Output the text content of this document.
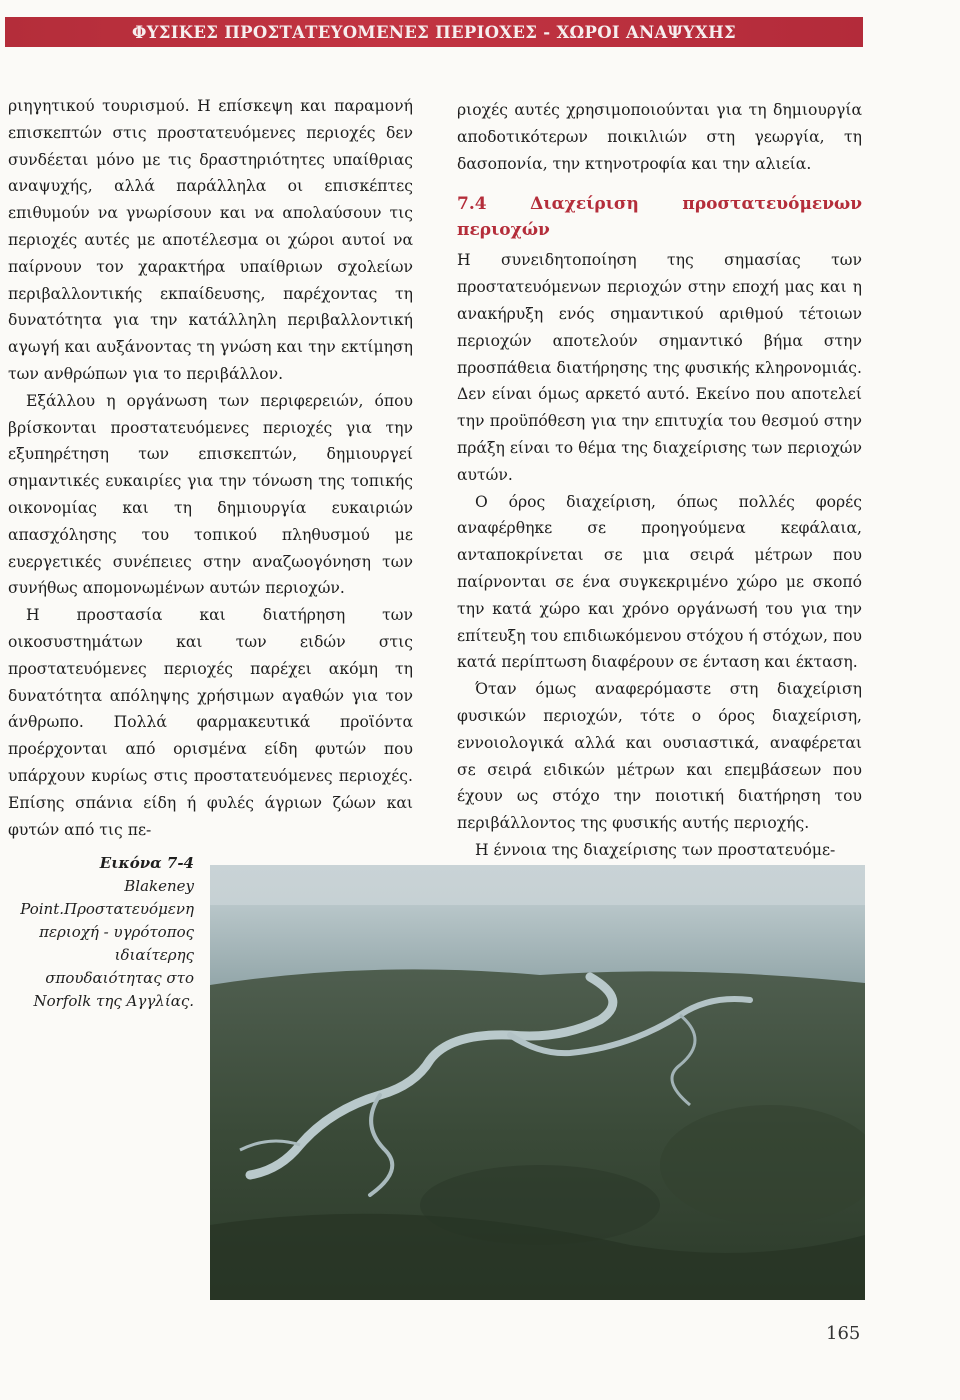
ΦΥΣΙΚΕΣ ΠΡΟΣΤΑΤΕΥΟΜΕΝΕΣ ΠΕΡΙΟΧΕΣ - ΧΩΡΟΙ ΑΝΑΨΥΧΗΣ

ριηγητικού τουρισμού. Η επίσκεψη και παραμονή επισκεπτών στις προστατευόμενες περιοχές δεν συνδέεται μόνο με τις δραστηριότητες υπαίθριας αναψυχής, αλλά παράλληλα οι επισκέπτες επιθυμούν να γνωρίσουν και να απολαύσουν τις περιοχές αυτές με αποτέλεσμα οι χώροι αυτοί να παίρνουν τον χαρακτήρα υπαίθριων σχολείων περιβαλλοντικής εκπαίδευσης, παρέχοντας τη δυνατότητα για την κατάλληλη περιβαλλοντική αγωγή και αυξάνοντας τη γνώση και την εκτίμηση των ανθρώπων για το περιβάλλον.

Εξάλλου η οργάνωση των περιφερειών, όπου βρίσκονται προστατευόμενες περιοχές για την εξυπηρέτηση των επισκεπτών, δημιουργεί σημαντικές ευκαιρίες για την τόνωση της τοπικής οικονομίας και τη δημιουργία ευκαιριών απασχόλησης του τοπικού πληθυσμού με ευεργετικές συνέπειες στην αναζωογόνηση των συνήθως απομονωμένων αυτών περιοχών.

Η προστασία και διατήρηση των οικοσυστημάτων και των ειδών στις προστατευόμενες περιοχές παρέχει ακόμη τη δυνατότητα απόληψης χρήσιμων αγαθών για τον άνθρωπο. Πολλά φαρμακευτικά προϊόντα προέρχονται από ορισμένα είδη φυτών που υπάρχουν κυρίως στις προστατευόμενες περιοχές. Επίσης σπάνια είδη ή φυλές άγριων ζώων και φυτών από τις πε-

ριοχές αυτές χρησιμοποιούνται για τη δημιουργία αποδοτικότερων ποικιλιών στη γεωργία, τη δασοπονία, την κτηνοτροφία και την αλιεία.

7.4 Διαχείριση προστατευόμενων περιοχών

Η συνειδητοποίηση της σημασίας των προστατευόμενων περιοχών στην εποχή μας και η ανακήρυξη ενός σημαντικού αριθμού τέτοιων περιοχών αποτελούν σημαντικό βήμα στην προσπάθεια διατήρησης της φυσικής κληρονομιάς. Δεν είναι όμως αρκετό αυτό. Εκείνο που αποτελεί την προϋπόθεση για την επιτυχία του θεσμού στην πράξη είναι το θέμα της διαχείρισης των περιοχών αυτών.

Ο όρος διαχείριση, όπως πολλές φορές αναφέρθηκε σε προηγούμενα κεφάλαια, ανταποκρίνεται σε μια σειρά μέτρων που παίρνονται σε ένα συγκεκριμένο χώρο με σκοπό την κατά χώρο και χρόνο οργάνωσή του για την επίτευξη του επιδιωκόμενου στόχου ή στόχων, που κατά περίπτωση διαφέρουν σε ένταση και έκταση.

Όταν όμως αναφερόμαστε στη διαχείριση φυσικών περιοχών, τότε ο όρος διαχείριση, εννοιολογικά αλλά και ουσιαστικά, αναφέρεται σε σειρά ειδικών μέτρων και επεμβάσεων που έχουν ως στόχο την ποιοτική διατήρηση του περιβάλλοντος της φυσικής αυτής περιοχής.

Η έννοια της διαχείρισης των προστατευόμε-

Εικόνα 7-4
Blakeney Point.Προστατευόμενη περιοχή - υγρότοπος ιδιαίτερης σπουδαιότητας στο Norfolk της Αγγλίας.
165
